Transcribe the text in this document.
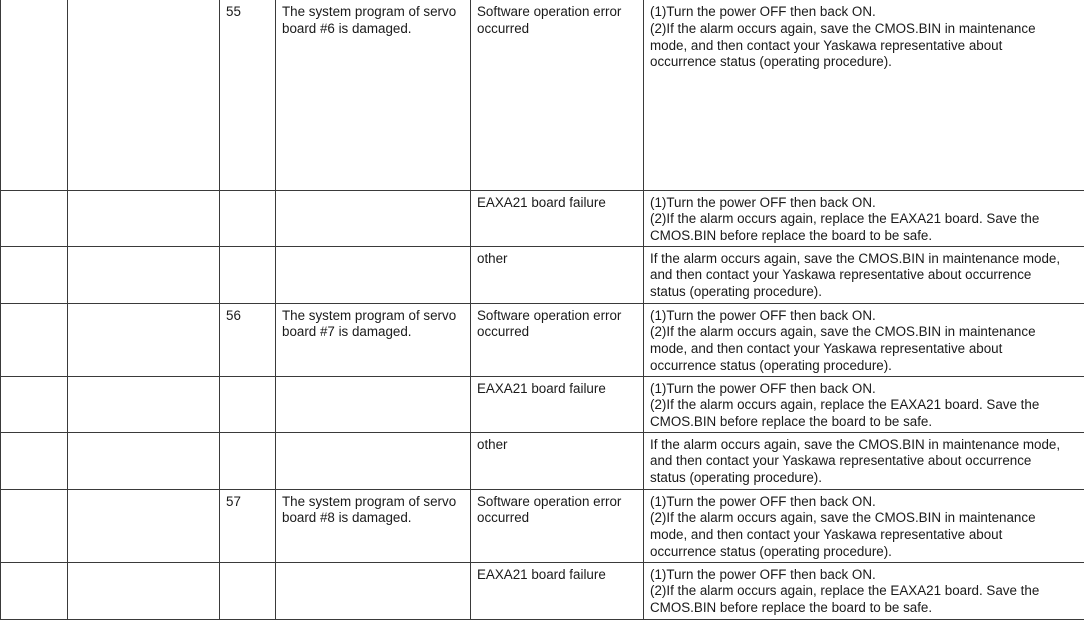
		55	The system program of servo board #6 is damaged.	Software operation error occurred	(1)Turn the power OFF then back ON.
(2)If the alarm occurs again, save the CMOS.BIN in maintenance
mode, and then contact your Yaskawa representative about
occurrence status (operating procedure).

				EAXA21 board failure	(1)Turn the power OFF then back ON.
(2)If the alarm occurs again, replace the EAXA21 board. Save the
CMOS.BIN before replace the board to be safe.

				other	If the alarm occurs again, save the CMOS.BIN in maintenance mode,
and then contact your Yaskawa representative about occurrence
status (operating procedure).

		56	The system program of servo board #7 is damaged.	Software operation error occurred	(1)Turn the power OFF then back ON.
(2)If the alarm occurs again, save the CMOS.BIN in maintenance
mode, and then contact your Yaskawa representative about
occurrence status (operating procedure).

				EAXA21 board failure	(1)Turn the power OFF then back ON.
(2)If the alarm occurs again, replace the EAXA21 board. Save the
CMOS.BIN before replace the board to be safe.

				other	If the alarm occurs again, save the CMOS.BIN in maintenance mode,
and then contact your Yaskawa representative about occurrence
status (operating procedure).

		57	The system program of servo board #8 is damaged.	Software operation error occurred	(1)Turn the power OFF then back ON.
(2)If the alarm occurs again, save the CMOS.BIN in maintenance
mode, and then contact your Yaskawa representative about
occurrence status (operating procedure).

				EAXA21 board failure	(1)Turn the power OFF then back ON.
(2)If the alarm occurs again, replace the EAXA21 board. Save the
CMOS.BIN before replace the board to be safe.
